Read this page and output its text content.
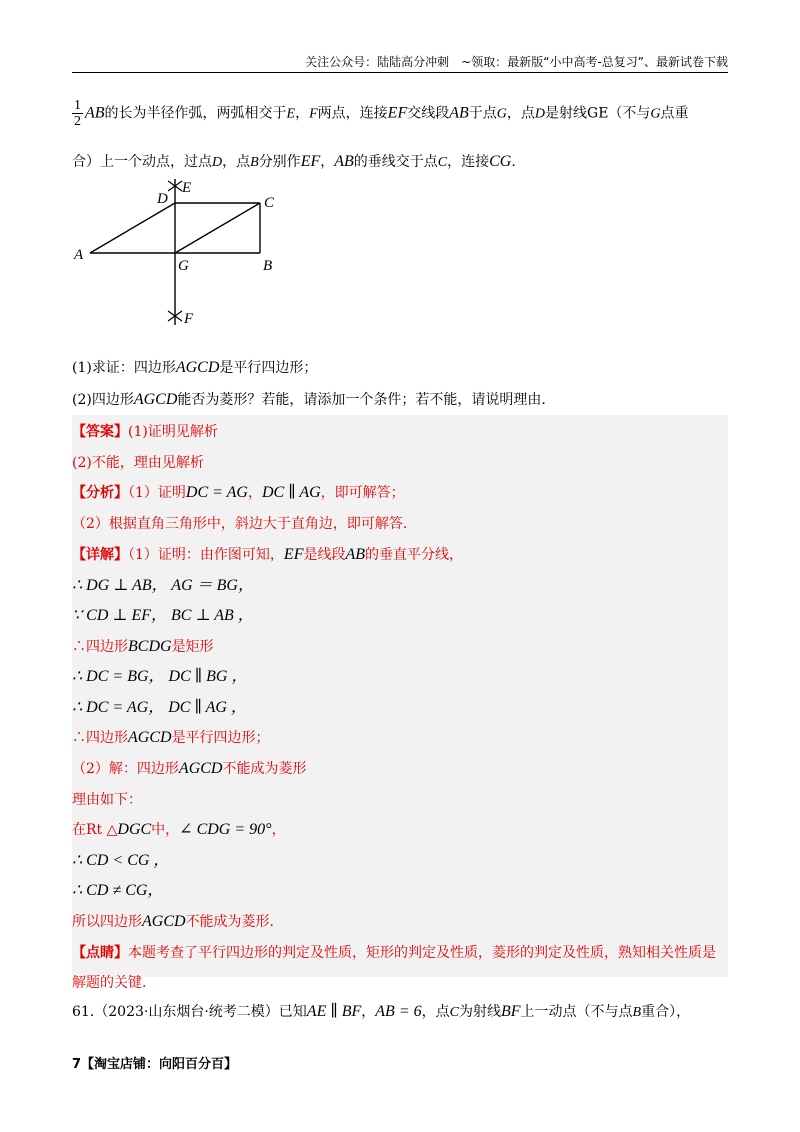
关注公众号：陆陆高分冲刺　~领取：最新版“小中高考-总复习”、最新试卷下载
$\frac{1}{2}$ AB的长为半径作弧，两弧相交于E，F两点，连接EF交线段AB于点G，点D是射线GE（不与G点重
合）上一个动点，过点D，点B分别作EF，AB的垂线交于点C，连接CG.
A
B
C
D
E
F
G
(1)求证：四边形AGCD是平行四边形；
(2)四边形AGCD能否为菱形？若能，请添加一个条件；若不能，请说明理由.
【答案】(1)证明见解析
(2)不能，理由见解析
【分析】（1）证明DC = AG，DC ∥ AG，即可解答；
（2）根据直角三角形中，斜边大于直角边，即可解答.
【详解】（1）证明：由作图可知，EF是线段AB的垂直平分线，
∴ DG ⊥ AB， AG ＝ BG，
∵ CD ⊥ EF， BC ⊥ AB ，
∴四边形BCDG是矩形
∴ DC = BG， DC ∥ BG ，
∴ DC = AG， DC ∥ AG ，
∴四边形AGCD是平行四边形；
（2）解：四边形AGCD不能成为菱形
理由如下：
在Rt △DGC中，∠ CDG = 90°，
∴ CD < CG ，
∴ CD ≠ CG，
所以四边形AGCD不能成为菱形.
【点睛】本题考查了平行四边形的判定及性质，矩形的判定及性质，菱形的判定及性质，熟知相关性质是
解题的关键.
61.（2023·山东烟台·统考二模）已知AE ∥ BF，AB = 6，点C为射线BF上一动点（不与点B重合），
7【淘宝店铺：向阳百分百】
